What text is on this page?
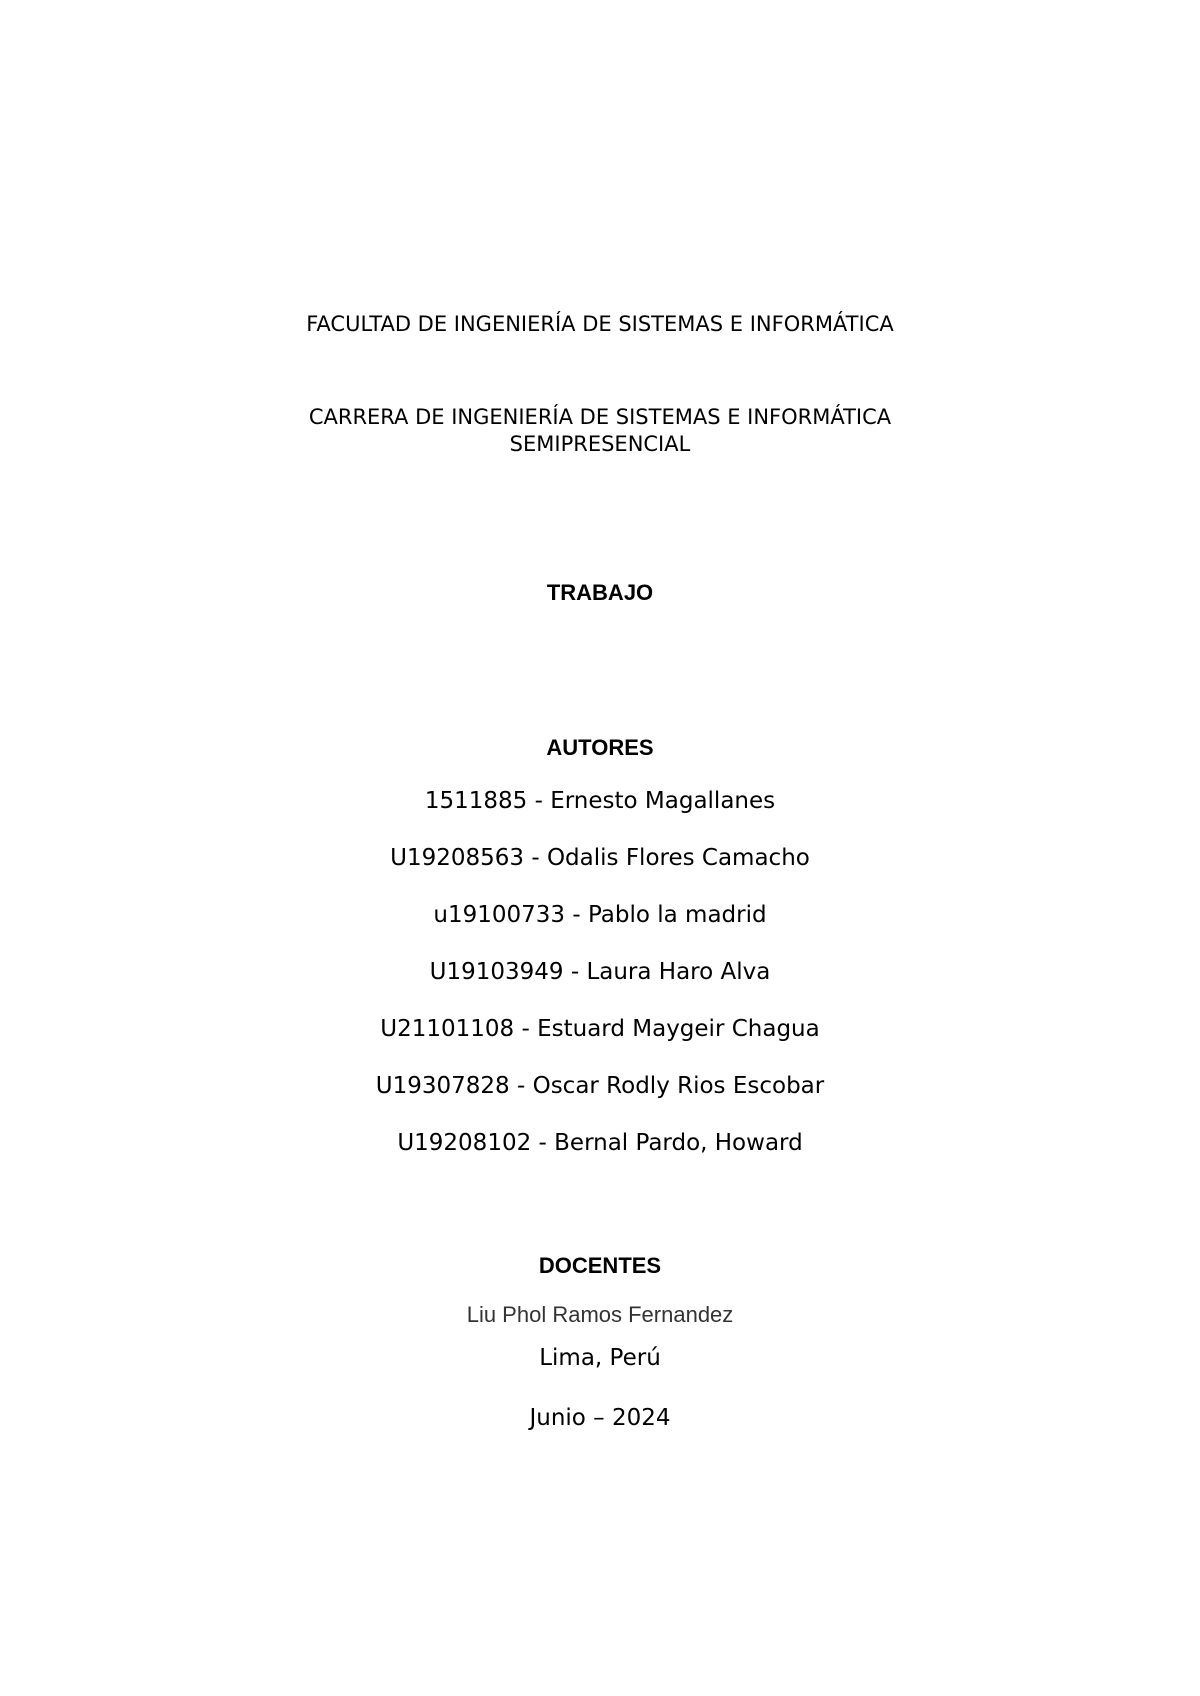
FACULTAD DE INGENIERÍA DE SISTEMAS E INFORMÁTICA
CARRERA DE INGENIERÍA DE SISTEMAS E INFORMÁTICA
SEMIPRESENCIAL
TRABAJO
AUTORES
1511885 - Ernesto Magallanes
U19208563 - Odalis Flores Camacho
u19100733 - Pablo la madrid
U19103949 - Laura Haro Alva
U21101108 - Estuard Maygeir Chagua
U19307828 - Oscar Rodly Rios Escobar
U19208102 - Bernal Pardo, Howard
DOCENTES
Liu Phol Ramos Fernandez
Lima, Perú
Junio – 2024
